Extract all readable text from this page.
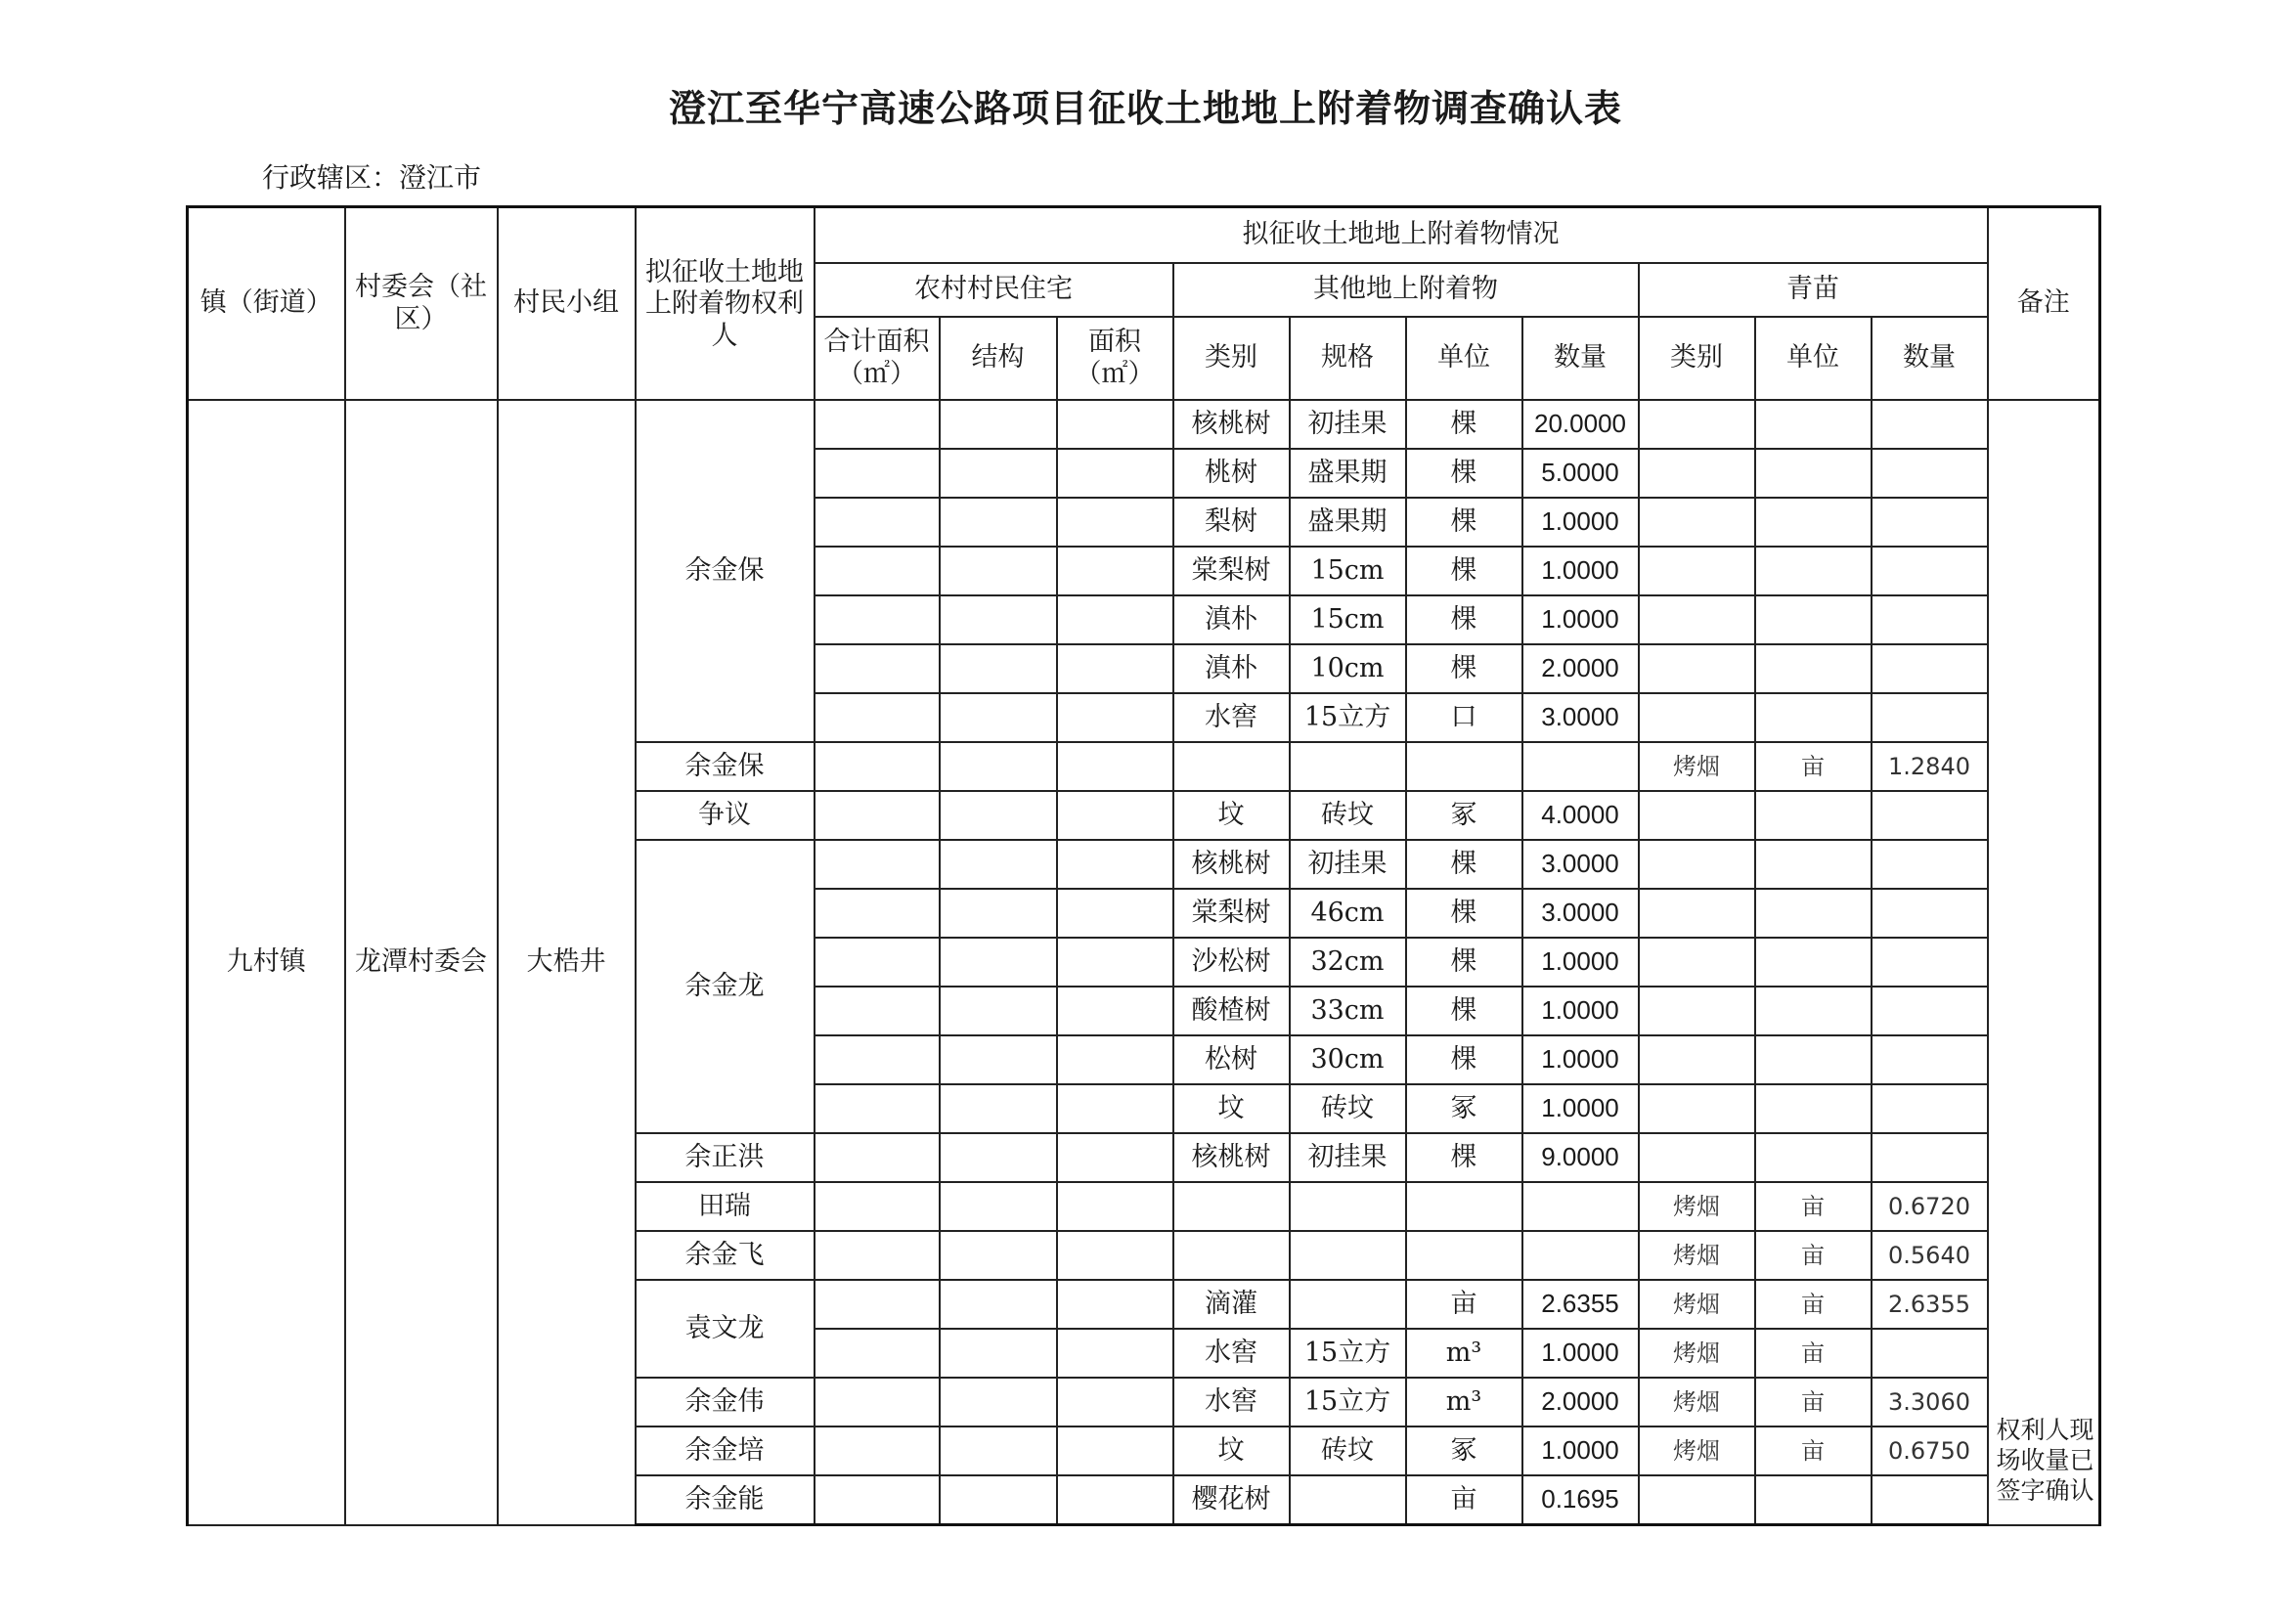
澄江至华宁高速公路项目征收土地地上附着物调查确认表
行政辖区：澄江市
镇（街道）	村委会（社区）	村民小组	拟征收土地地上附着物权利人	拟征收土地地上附着物情况										备注
				农村村民住宅			其他地上附着物				青苗			
				合计面积（㎡）	结构	面积（㎡）	类别	规格	单位	数量	类别	单位	数量	
九村镇	龙潭村委会	大梏井	余金保				核桃树	初挂果	棵	20.0000				权利人现场收量已签字确认
							桃树	盛果期	棵	5.0000				
							梨树	盛果期	棵	1.0000				
							棠梨树	15cm	棵	1.0000				
							滇朴	15cm	棵	1.0000				
							滇朴	10cm	棵	2.0000				
							水窖	15立方	口	3.0000				
			余金保								烤烟	亩	1.2840	
			争议				坟	砖坟	冢	4.0000				
			余金龙				核桃树	初挂果	棵	3.0000				
							棠梨树	46cm	棵	3.0000				
							沙松树	32cm	棵	1.0000				
							酸楂树	33cm	棵	1.0000				
							松树	30cm	棵	1.0000				
							坟	砖坟	冢	1.0000				
			余正洪				核桃树	初挂果	棵	9.0000				
			田瑞								烤烟	亩	0.6720	
			余金飞								烤烟	亩	0.5640	
			袁文龙				滴灌		亩	2.6355	烤烟	亩	2.6355	
							水窖	15立方	m³	1.0000	烤烟	亩		
			余金伟				水窖	15立方	m³	2.0000	烤烟	亩	3.3060	
			余金培				坟	砖坟	冢	1.0000	烤烟	亩	0.6750	
			余金能				樱花树		亩	0.1695				
